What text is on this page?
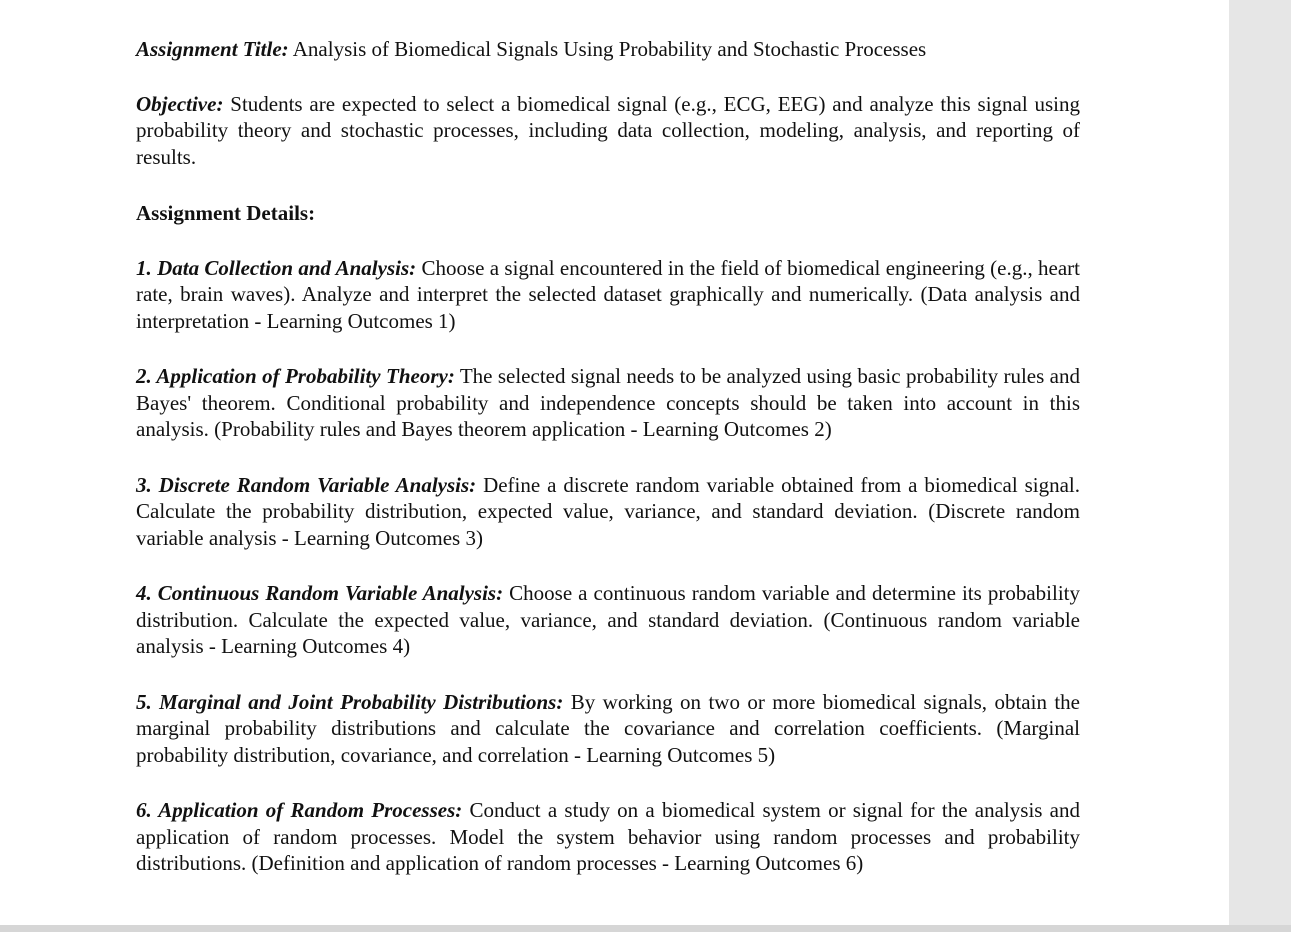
Assignment Title: Analysis of Biomedical Signals Using Probability and Stochastic Processes

Objective: Students are expected to select a biomedical signal (e.g., ECG, EEG) and analyze this signal using probability theory and stochastic processes, including data collection, modeling, analysis, and reporting of results.

Assignment Details:

1. Data Collection and Analysis: Choose a signal encountered in the field of biomedical engineering (e.g., heart rate, brain waves). Analyze and interpret the selected dataset graphically and numerically. (Data analysis and interpretation - Learning Outcomes 1)

2. Application of Probability Theory: The selected signal needs to be analyzed using basic probability rules and Bayes' theorem. Conditional probability and independence concepts should be taken into account in this analysis. (Probability rules and Bayes theorem application - Learning Outcomes 2)

3. Discrete Random Variable Analysis: Define a discrete random variable obtained from a biomedical signal. Calculate the probability distribution, expected value, variance, and standard deviation. (Discrete random variable analysis - Learning Outcomes 3)

4. Continuous Random Variable Analysis: Choose a continuous random variable and determine its probability distribution. Calculate the expected value, variance, and standard deviation. (Continuous random variable analysis - Learning Outcomes 4)

5. Marginal and Joint Probability Distributions: By working on two or more biomedical signals, obtain the marginal probability distributions and calculate the covariance and correlation coefficients. (Marginal probability distribution, covariance, and correlation - Learning Outcomes 5)

6. Application of Random Processes: Conduct a study on a biomedical system or signal for the analysis and application of random processes. Model the system behavior using random processes and probability distributions. (Definition and application of random processes - Learning Outcomes 6)
